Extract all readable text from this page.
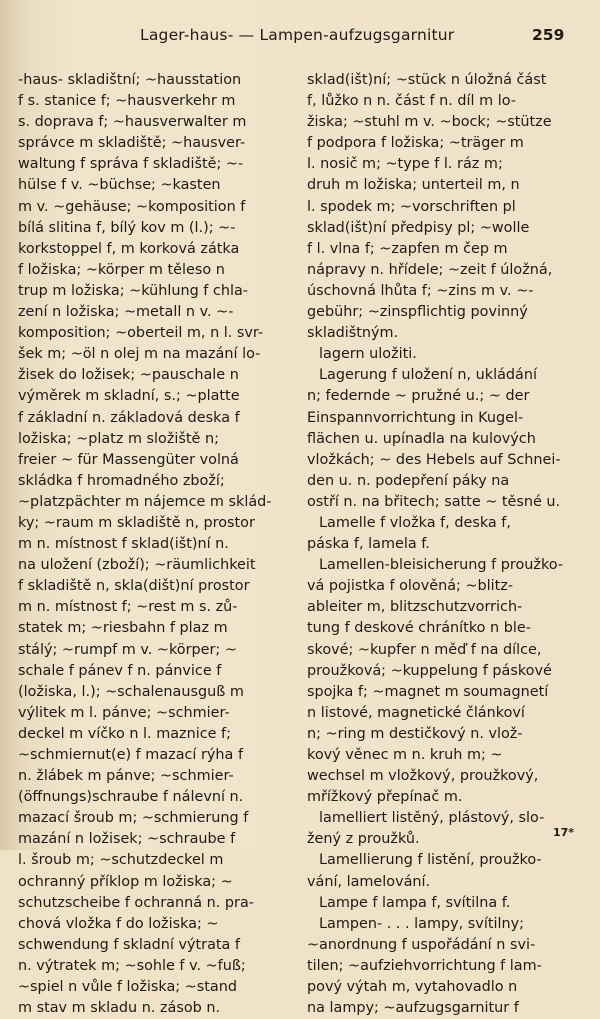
Lager-haus- — Lampen-aufzugsgarnitur	259
-haus- skladištní; ~hausstation
f s. stanice f; ~hausverkehr m
s. doprava f; ~hausverwalter m
správce m skladiště; ~hausver-
waltung f správa f skladiště; ~-
hülse f v. ~büchse; ~kasten
m v. ~gehäuse; ~komposition f
bílá slitina f, bílý kov m (l.); ~-
korkstoppel f, m korková zátka
f ložiska; ~körper m těleso n
trup m ložiska; ~kühlung f chla-
zení n ložiska; ~metall n v. ~-
komposition; ~oberteil m, n l. svr-
šek m; ~öl n olej m na mazání lo-
žisek do ložisek; ~pauschale n
výměrek m skladní, s.; ~platte
f základní n. základová deska f
ložiska; ~platz m složiště n;
freier ~ für Massengüter volná
skládka f hromadného zboží;
~platzpächter m nájemce m sklád-
ky; ~raum m skladiště n, prostor
m n. místnost f sklad(išt)ní n.
na uložení (zboží); ~räumlichkeit
f skladiště n, skla(dišt)ní prostor
m n. místnost f; ~rest m s. zů-
statek m; ~riesbahn f plaz m
stálý; ~rumpf m v. ~körper; ~
schale f pánev f n. pánvice f
(ložiska, l.); ~schalenausguß m
výlitek m l. pánve; ~schmier-
deckel m víčko n l. maznice f;
~schmiernut(e) f mazací rýha f
n. žlábek m pánve; ~schmier-
(öffnungs)schraube f nálevní n.
mazací šroub m; ~schmierung f
mazání n ložisek; ~schraube f
l. šroub m; ~schutzdeckel m
ochranný příklop m ložiska; ~
schutzscheibe f ochranná n. pra-
chová vložka f do ložiska; ~
schwendung f skladní výtrata f
n. výtratek m; ~sohle f v. ~fuß;
~spiel n vůle f ložiska; ~stand
m stav m skladu n. zásob n.
sklad(išt)ní; ~stück n úložná část
f, lůžko n n. část f n. díl m lo-
žiska; ~stuhl m v. ~bock; ~stütze
f podpora f ložiska; ~träger m
l. nosič m; ~type f l. ráz m;
druh m ložiska; unterteil m, n
l. spodek m; ~vorschriften pl
sklad(išt)ní předpisy pl; ~wolle
f l. vlna f; ~zapfen m čep m
nápravy n. hřídele; ~zeit f úložná,
úschovná lhůta f; ~zins m v. ~-
gebühr; ~zinspflichtig povinný
skladištným.
lagern uložiti.
Lagerung f uložení n, ukládání
n; federnde ~ pružné u.; ~ der
Einspannvorrichtung in Kugel-
flächen u. upínadla na kulových
vložkách; ~ des Hebels auf Schnei-
den u. n. podepření páky na
ostří n. na břitech; satte ~ těsné u.
Lamelle f vložka f, deska f,
páska f, lamela f.
Lamellen-bleisicherung f proužko-
vá pojistka f olověná; ~blitz-
ableiter m, blitzschutzvorrich-
tung f deskové chránítko n ble-
skové; ~kupfer n měď f na dílce,
proužková; ~kuppelung f páskové
spojka f; ~magnet m soumagnetí
n listové, magnetické článkoví
n; ~ring m destičkový n. vlož-
kový věnec m n. kruh m; ~
wechsel m vložkový, proužkový,
mřížkový přepínač m.
lamelliert listěný, plástový, slo-
žený z proužků.
Lamellierung f listění, proužko-
vání, lamelování.
Lampe f lampa f, svítilna f.
Lampen- . . . lampy, svítilny;
~anordnung f uspořádání n svi-
tilen; ~aufziehvorrichtung f lam-
pový výtah m, vytahovadlo n
na lampy; ~aufzugsgarnitur f
17*
